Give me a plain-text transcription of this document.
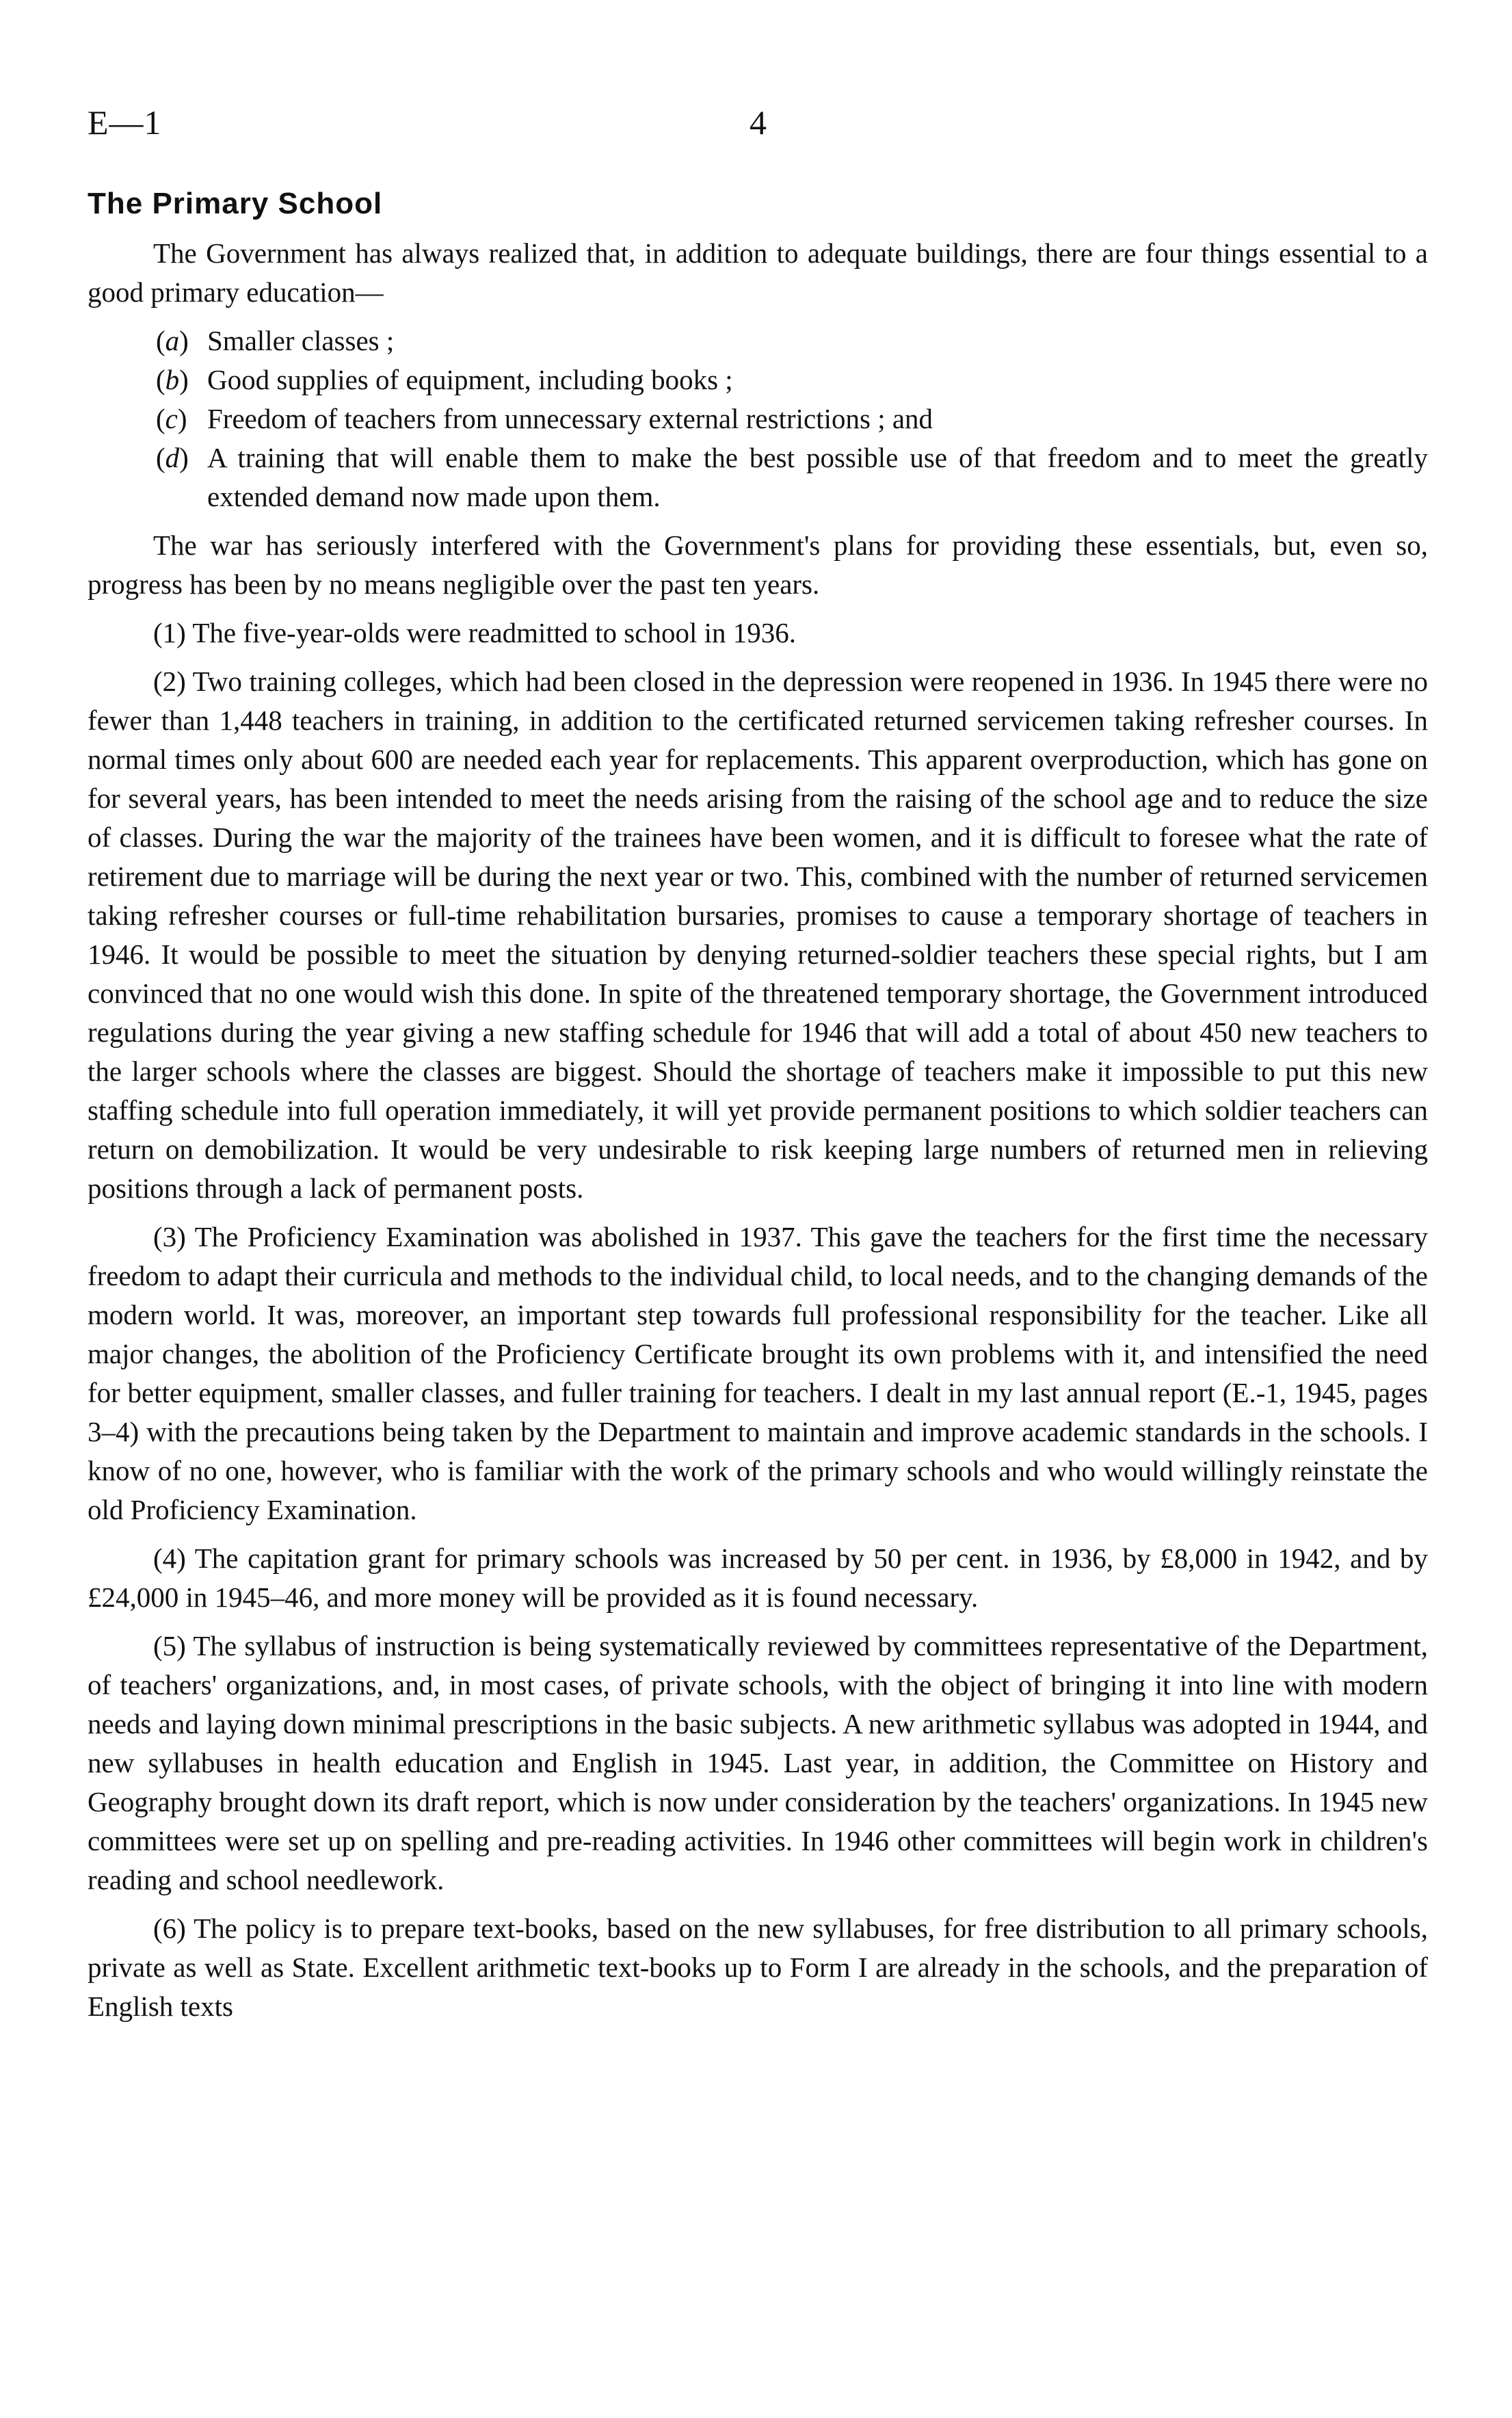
E—1	4
The Primary School

The Government has always realized that, in addition to adequate buildings, there are four things essential to a good primary education—

(a) Smaller classes ;
(b) Good supplies of equipment, including books ;
(c) Freedom of teachers from unnecessary external restrictions ; and
(d) A training that will enable them to make the best possible use of that freedom and to meet the greatly extended demand now made upon them.

The war has seriously interfered with the Government's plans for providing these essentials, but, even so, progress has been by no means negligible over the past ten years.

(1) The five-year-olds were readmitted to school in 1936.

(2) Two training colleges, which had been closed in the depression were reopened in 1936. In 1945 there were no fewer than 1,448 teachers in training, in addition to the certificated returned servicemen taking refresher courses. In normal times only about 600 are needed each year for replacements. This apparent overproduction, which has gone on for several years, has been intended to meet the needs arising from the raising of the school age and to reduce the size of classes. During the war the majority of the trainees have been women, and it is difficult to foresee what the rate of retirement due to marriage will be during the next year or two. This, combined with the number of returned servicemen taking refresher courses or full-time rehabilitation bursaries, promises to cause a temporary shortage of teachers in 1946. It would be possible to meet the situation by denying returned-soldier teachers these special rights, but I am convinced that no one would wish this done. In spite of the threatened temporary shortage, the Government introduced regulations during the year giving a new staffing schedule for 1946 that will add a total of about 450 new teachers to the larger schools where the classes are biggest. Should the shortage of teachers make it impossible to put this new staffing schedule into full operation immediately, it will yet provide permanent positions to which soldier teachers can return on demobilization. It would be very undesirable to risk keeping large numbers of returned men in relieving positions through a lack of permanent posts.

(3) The Proficiency Examination was abolished in 1937. This gave the teachers for the first time the necessary freedom to adapt their curricula and methods to the individual child, to local needs, and to the changing demands of the modern world. It was, moreover, an important step towards full professional responsibility for the teacher. Like all major changes, the abolition of the Proficiency Certificate brought its own problems with it, and intensified the need for better equipment, smaller classes, and fuller training for teachers. I dealt in my last annual report (E.-1, 1945, pages 3–4) with the precautions being taken by the Department to maintain and improve academic standards in the schools. I know of no one, however, who is familiar with the work of the primary schools and who would willingly reinstate the old Proficiency Examination.

(4) The capitation grant for primary schools was increased by 50 per cent. in 1936, by £8,000 in 1942, and by £24,000 in 1945–46, and more money will be provided as it is found necessary.

(5) The syllabus of instruction is being systematically reviewed by committees representative of the Department, of teachers' organizations, and, in most cases, of private schools, with the object of bringing it into line with modern needs and laying down minimal prescriptions in the basic subjects. A new arithmetic syllabus was adopted in 1944, and new syllabuses in health education and English in 1945. Last year, in addition, the Committee on History and Geography brought down its draft report, which is now under consideration by the teachers' organizations. In 1945 new committees were set up on spelling and pre-reading activities. In 1946 other committees will begin work in children's reading and school needlework.

(6) The policy is to prepare text-books, based on the new syllabuses, for free distribution to all primary schools, private as well as State. Excellent arithmetic text-books up to Form I are already in the schools, and the preparation of English texts
